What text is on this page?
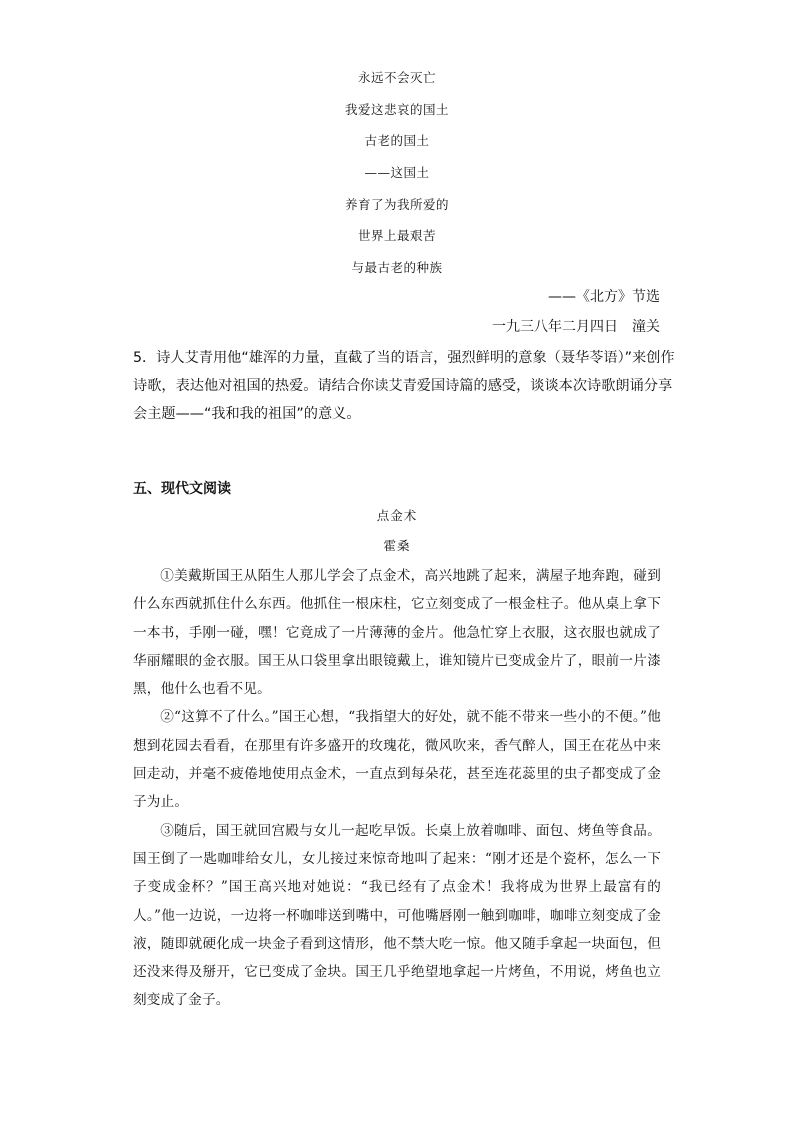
永远不会灭亡
我爱这悲哀的国土
古老的国土
——这国土
养育了为我所爱的
世界上最艰苦
与最古老的种族
——《北方》节选
一九三八年二月四日　潼关
5．诗人艾青用他“雄浑的力量，直截了当的语言，强烈鲜明的意象（聂华苓语）”来创作诗歌，表达他对祖国的热爱。请结合你读艾青爱国诗篇的感受，谈谈本次诗歌朗诵分享会主题——“我和我的祖国”的意义。
五、现代文阅读
点金术
霍桑

①美戴斯国王从陌生人那儿学会了点金术，高兴地跳了起来，满屋子地奔跑，碰到什么东西就抓住什么东西。他抓住一根床柱，它立刻变成了一根金柱子。他从桌上拿下一本书，手刚一碰，嘿！它竟成了一片薄薄的金片。他急忙穿上衣服，这衣服也就成了华丽耀眼的金衣服。国王从口袋里拿出眼镜戴上，谁知镜片已变成金片了，眼前一片漆黑，他什么也看不见。

②“这算不了什么。”国王心想，“我指望大的好处，就不能不带来一些小的不便。”他想到花园去看看，在那里有许多盛开的玫瑰花，微风吹来，香气醉人，国王在花丛中来回走动，并毫不疲倦地使用点金术，一直点到每朵花，甚至连花蕊里的虫子都变成了金子为止。

③随后，国王就回宫殿与女儿一起吃早饭。长桌上放着咖啡、面包、烤鱼等食品。国王倒了一匙咖啡给女儿，女儿接过来惊奇地叫了起来：“刚才还是个瓷杯，怎么一下子变成金杯？”国王高兴地对她说：“我已经有了点金术！我将成为世界上最富有的人。”他一边说，一边将一杯咖啡送到嘴中，可他嘴唇刚一触到咖啡，咖啡立刻变成了金液，随即就硬化成一块金子看到这情形，他不禁大吃一惊。他又随手拿起一块面包，但还没来得及掰开，它已变成了金块。国王几乎绝望地拿起一片烤鱼，不用说，烤鱼也立刻变成了金子。
